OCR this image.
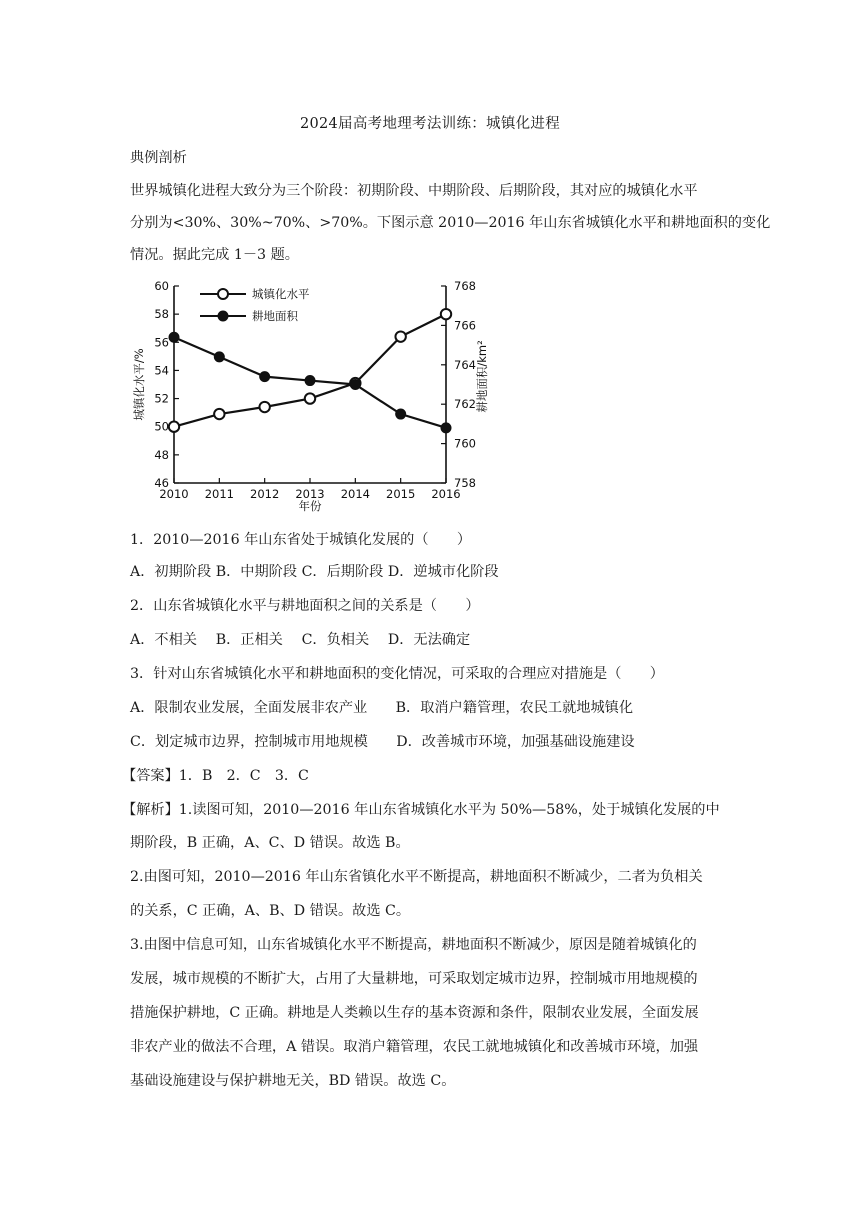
2024届高考地理考法训练：城镇化进程
典例剖析
世界城镇化进程大致分为三个阶段：初期阶段、中期阶段、后期阶段，其对应的城镇化水平
分别为<30%、30%~70%、>70%。下图示意 2010—2016 年山东省城镇化水平和耕地面积的变化
情况。据此完成 1－3 题。
46
48
50
52
54
56
58
60
758
760
762
764
766
768
2010 2011 2012 2013 2014 2015 2016
年份
城镇化水平/%	耕地面积/km²
城镇化水平
耕地面积
1．2010—2016 年山东省处于城镇化发展的（　　）
A．初期阶段 B．中期阶段 C．后期阶段 D．逆城市化阶段
2．山东省城镇化水平与耕地面积之间的关系是（　　）
A．不相关　 B．正相关　 C．负相关　 D．无法确定
3．针对山东省城镇化水平和耕地面积的变化情况，可采取的合理应对措施是（　　）
A．限制农业发展，全面发展非农产业　　B．取消户籍管理，农民工就地城镇化
C．划定城市边界，控制城市用地规模　　D．改善城市环境，加强基础设施建设
【答案】1．B　2．C　3．C
【解析】1.读图可知，2010—2016 年山东省城镇化水平为 50%—58%，处于城镇化发展的中
期阶段，B 正确，A、C、D 错误。故选 B。
2.由图可知，2010—2016 年山东省镇化水平不断提高，耕地面积不断减少，二者为负相关
的关系，C 正确，A、B、D 错误。故选 C。
3.由图中信息可知，山东省城镇化水平不断提高，耕地面积不断减少，原因是随着城镇化的
发展，城市规模的不断扩大，占用了大量耕地，可采取划定城市边界，控制城市用地规模的
措施保护耕地，C 正确。耕地是人类赖以生存的基本资源和条件，限制农业发展，全面发展
非农产业的做法不合理，A 错误。取消户籍管理，农民工就地城镇化和改善城市环境，加强
基础设施建设与保护耕地无关，BD 错误。故选 C。
